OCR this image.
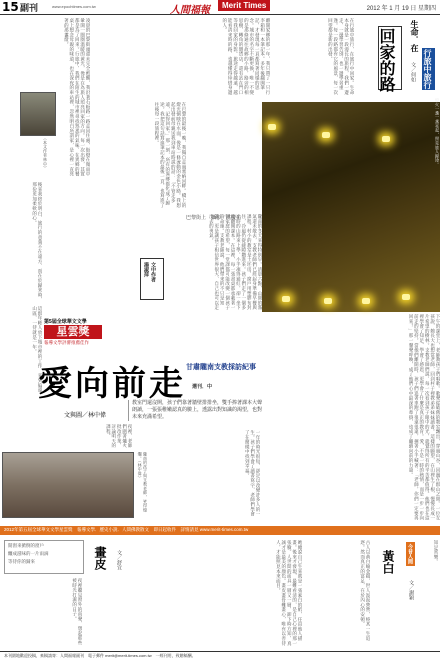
15 副刊	www.epochtimes.com.tw	人間福報	Merit Times	2012 年 1 月 19 日 星期四
凌晨的巴黎街頭還未完全甦醒，我沿著石板路一路走回住處，街燈在微雨中暈開一圈圈溫暖的黃光，像是在為旅人照亮回家的方向。每一次出發，其實都是為了回來。行旅中，我們在陌生的城市裡尋找熟悉的氣味，在異鄉的餐桌上想念母親的味道，也在深夜的車站裡，忽然明白所謂家，是心裡一直亮著的那盞燈。
（本文作者林中）
離開家鄉的那一年，我只帶了一只行李箱和一本筆記本。多年後翻開筆記，才發現每一頁都寫著同樣的思念。城市的名字不斷更換，唯一不變的是那條通往故鄉的小路，路旁的相思樹、轉角的雜貨店、還有站在門口等我回家的身影。旅途走得越遠，越能看清來時的路，也越懂得珍惜身邊的人。	在行旅中旅行，在旅行中回家。生命本身就是一段漫長的旅程，我們一邊走，一邊學習告別，也一邊學習重逢。每一段路都有它的風景，每一次回望都是新的出發。	回家的路 生命．在
行旅中旅行
文／何如
燈火一盞一盞亮起，照見旅人歸途。
巴黎街上　攝影／洪慶祐
後來我終於明白，旅行的意義不在遠方，而在於歸來時，那份更加柔軟的心。	在巴黎的最後一晚，我獨自走過塞納河畔。橋上的燈光倒映在水面，像是一條流動的金色小路。我想起出發前母親送我到車站時說的話：「不管走多遠，記得回家。」那一刻，所有的異鄉都化成了歸途。我把這句話寫進筆記本的最後一頁，也寫進了往後每一段旅程裡。
隴南的冬天來得特別早。清晨六點，山間的霧氣還未散去，支教老師們已經起身準備早餐與課程。村小的教室是土坯房，窗戶用塑膠布封住，冷風仍從縫隙鑽進來。孩子們走了一個多小時的山路來上學，小手凍得通紅，卻一坐下就翻開課本。在這裡，每一張書桌都承載著一個家庭的希望，每一堂課都可能改變一個孩子的命運。支教老師說，他們帶來的不只是知識，更是讓孩子相信世界很大、自己也可以走出去的勇氣。
文中作者
湯淑萍
這群年輕人放下城市裡的工作，來到偏遠山區，一待就是一年。	第5屆全球華文文學
星雲獎
報導文學評審推薦佳作
愛向前走 甘肅隴南支教採訪紀事
選刊．中
文與圖／林中偉
教室門還沒開，孩子們靠著牆壁排排坐，雙手捧著課本大聲朗讀，一張張稚嫩認真的臉上，透露出對知識的渴望，也對未來充滿希望。	下午的課堂上，老師教孩子們唱歌。歌聲從破舊的教室飄出，穿過山谷，回盪在群山之間。一位女孩說，她長大也想當老師，回到村子裡教弟弟妹妹讀書。這樣的願望，在山裡生了根，慢慢長成一片希望的樹林。支教老師們說，每一次看到孩子眼中的光，就覺得所有的辛苦都值得。他們也在這裡學會了知足、學會了感恩，更學會了什麼是真正的教育。愛，不是一時的熱情，而是一步一步向前走的堅持。當他們離開時，孩子們追著車跑了很遠很遠，揮著小手喊著：「老師，你們一定要再回來！」那一聲聲呼喚，成了他們心中最深的牽掛，也成了繼續向前的力量。
夜裡，老師們圍著爐火批改作業，討論明天的課程。
隴南的孩子與支教老師，笑得燦爛。（林中偉）	一年的時光很短，卻足以改變許多人的一生。孩子們學會了讀書寫字，老師們學會了在簡樸中找到幸福。
2012年第五屆全球華文文學星雲獎　報導文學．歷史小說．人間佛教散文　即日起收件　詳情請見 www.merit-times.com.tw
開窗來掀倒的窗戶
釀成滋味的一片雨滴
等待你的歸來
夜裡聽見窗外的雨聲，想起那些被時光打濕的日子。
畫皮	文／舒宜	她總說自己生來就是一張素白的紙，任由他人描畫。後來才發現，最難看清的，是自己心裡的那一張臉。人世間的面具一層又一層，卸下時方知，真誠才是最美的顏色。畫皮畫骨難畫心，唯有以善待人，才能照見本來面目。	古人以黃白喻金銀，世人汲汲營營，終其一生追逐。然而真正的富足，在於內心的安頓。	黃白	今昔人間
文／謝穎
知足常樂。
本刊園地歡迎投稿，來稿請寄：人間福報副刊　電子郵件 merit@merit-times.com.tw　一經刊用，致贈稿酬。
